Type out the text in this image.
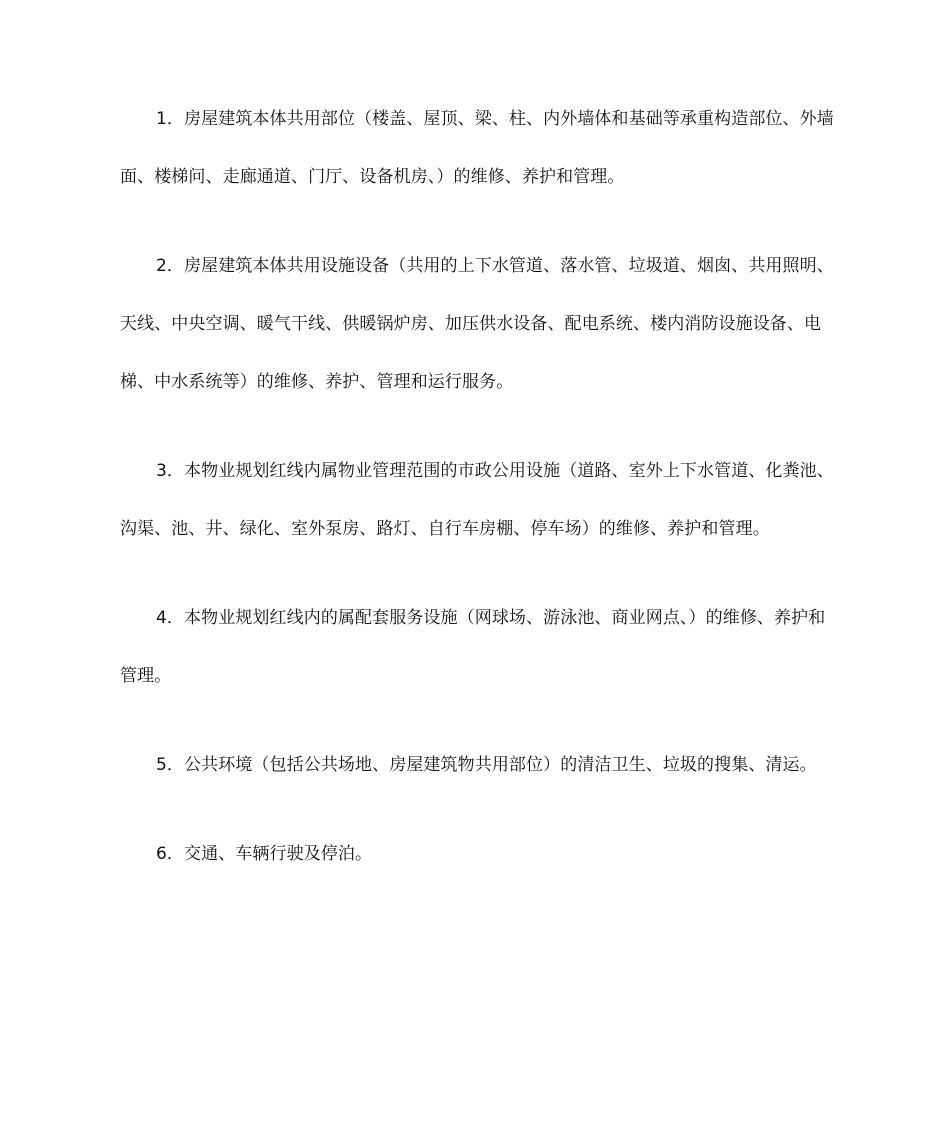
1．房屋建筑本体共用部位（楼盖、屋顶、梁、柱、内外墙体和基础等承重构造部位、外墙面、楼梯问、走廊通道、门厅、设备机房、）的维修、养护和管理。

2．房屋建筑本体共用设施设备（共用的上下水管道、落水管、垃圾道、烟囱、共用照明、天线、中央空调、暖气干线、供暖锅炉房、加压供水设备、配电系统、楼内消防设施设备、电梯、中水系统等）的维修、养护、管理和运行服务。

3．本物业规划红线内属物业管理范围的市政公用设施（道路、室外上下水管道、化粪池、沟渠、池、井、绿化、室外泵房、路灯、自行车房棚、停车场）的维修、养护和管理。

4．本物业规划红线内的属配套服务设施（网球场、游泳池、商业网点、）的维修、养护和管理。

5．公共环境（包括公共场地、房屋建筑物共用部位）的清洁卫生、垃圾的搜集、清运。

6．交通、车辆行驶及停泊。
